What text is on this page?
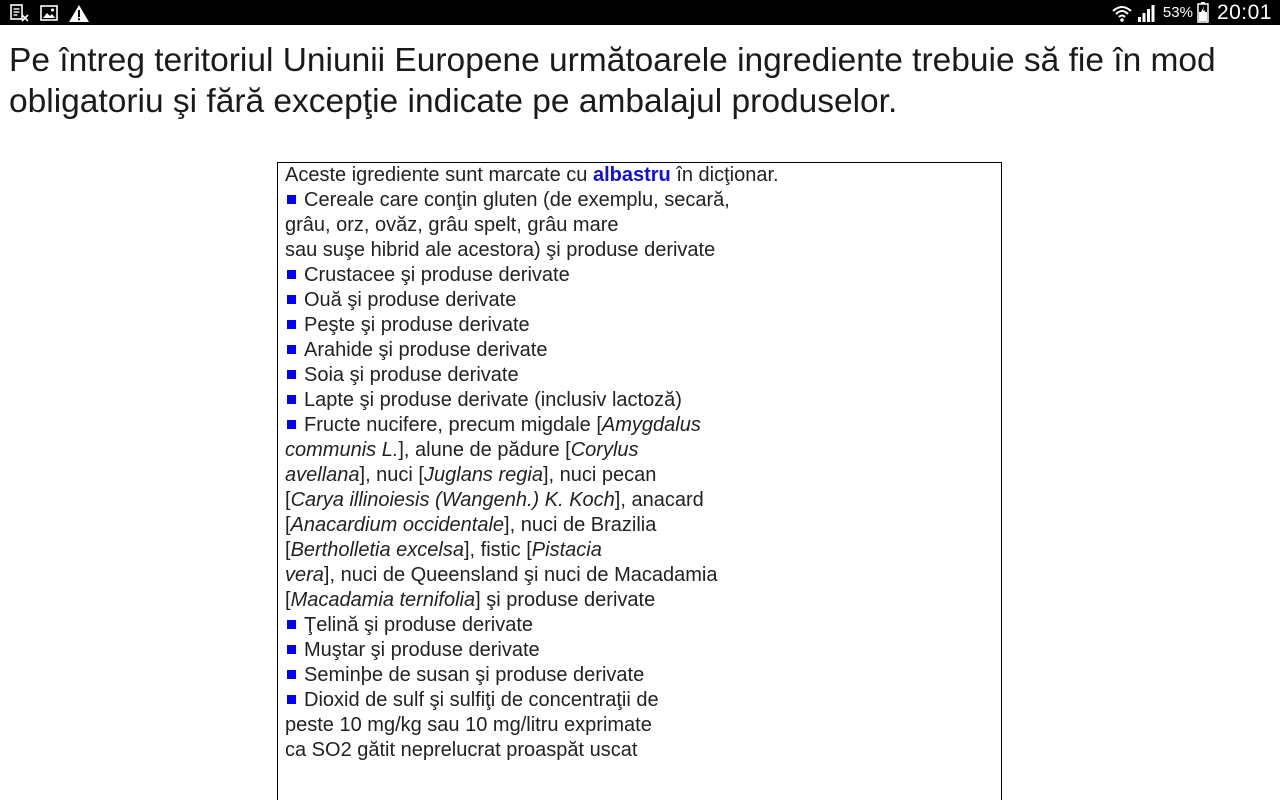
53% 20:01
Pe întreg teritoriul Uniunii Europene următoarele ingrediente trebuie să fie în mod obligatoriu şi fără excepţie indicate pe ambalajul produselor.
Aceste igrediente sunt marcate cu albastru în dicţionar.
Cereale care conţin gluten (de exemplu, secară,
grâu, orz, ovăz, grâu spelt, grâu mare
sau suşe hibrid ale acestora) şi produse derivate
Crustacee şi produse derivate
Ouă şi produse derivate
Peşte şi produse derivate
Arahide şi produse derivate
Soia şi produse derivate
Lapte şi produse derivate (inclusiv lactoză)
Fructe nucifere, precum migdale [Amygdalus
communis L.], alune de pădure [Corylus
avellana], nuci [Juglans regia], nuci pecan
[Carya illinoiesis (Wangenh.) K. Koch], anacard
[Anacardium occidentale], nuci de Brazilia
[Bertholletia excelsa], fistic [Pistacia
vera], nuci de Queensland şi nuci de Macadamia
[Macadamia ternifolia] şi produse derivate
Ţelină şi produse derivate
Muştar şi produse derivate
Seminþe de susan şi produse derivate
Dioxid de sulf şi sulfiţi de concentraţii de
peste 10 mg/kg sau 10 mg/litru exprimate
ca SO2 gătit neprelucrat proaspăt uscat
